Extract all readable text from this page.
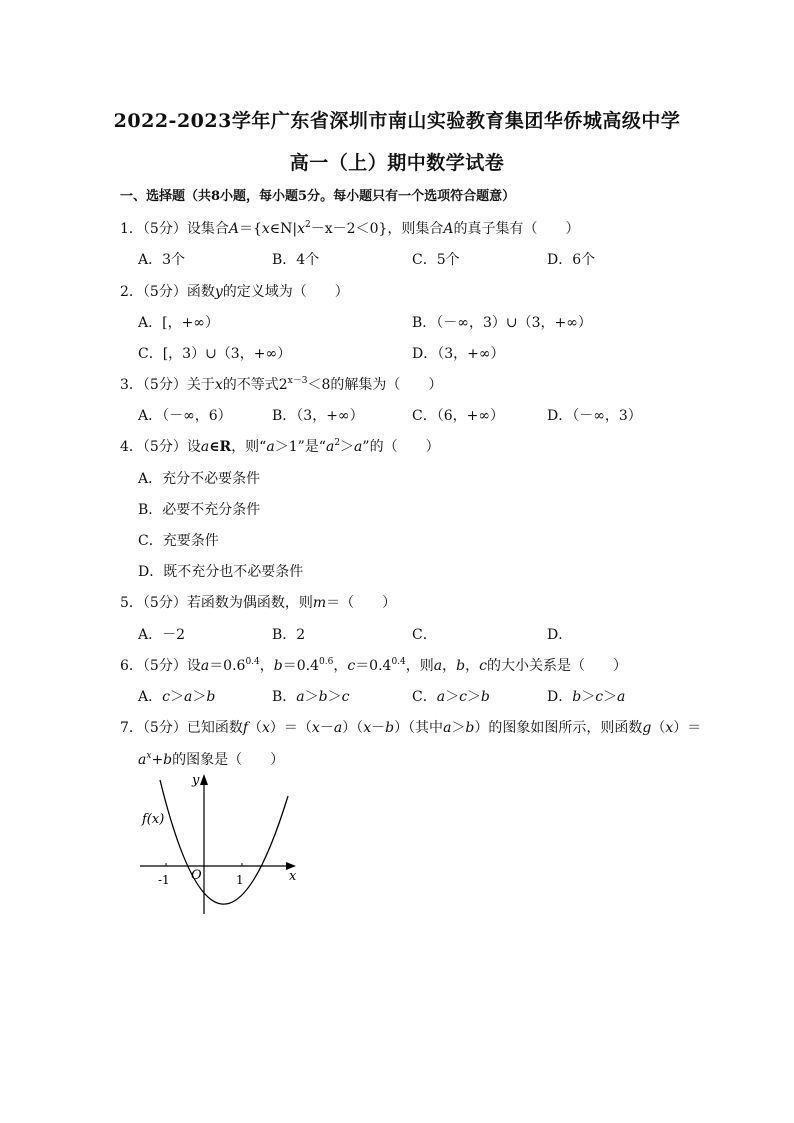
2022-2023学年广东省深圳市南山实验教育集团华侨城高级中学
高一（上）期中数学试卷
一、选择题（共8小题，每小题5分。每小题只有一个选项符合题意）
1．（5分）设集合$A=\{x\in N|x^2-x-2<0\}$，则集合A的真子集有（　　）
A．3个	B．4个	C．5个	D．6个
2．（5分）函数y的定义域为（　　）
A．[，+∞）	B．（－∞，3）∪（3，+∞）
C．[，3）∪（3，+∞）	D．（3，+∞）
3．（5分）关于x的不等式$2^{x-3}<8$的解集为（　　）
A．（－∞，6）	B．（3，+∞）	C．（6，+∞）	D．（－∞，3）
4．（5分）设a∈R，则“a＞1”是“$a^2>a$”的（　　）
A．充分不必要条件
B．必要不充分条件
C．充要条件
D．既不充分也不必要条件
5．（5分）若函数为偶函数，则m＝（　　）
A．－2	B．2	C．	D．
6．（5分）设$a=0.6^{0.4}$，$b=0.4^{0.6}$，$c=0.4^{0.4}$，则a，b，c的大小关系是（　　）
A．c＞a＞b	B．a＞b＞c	C．a＞c＞b	D．b＞c＞a
7．（5分）已知函数f（x）＝（x－a）（x－b）（其中a＞b）的图象如图所示，则函数g（x）＝
$a^x+b$的图象是（　　）
f(x)
y
x
O
-1	1
